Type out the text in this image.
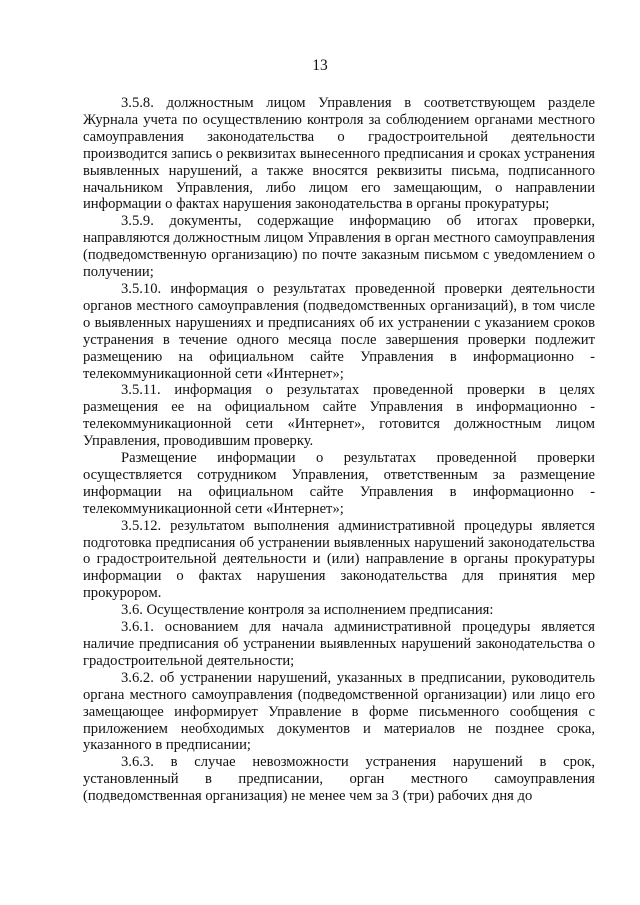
13

3.5.8. должностным лицом Управления в соответствующем разделе Журнала учета по осуществлению контроля за соблюдением органами местного самоуправления законодательства о градостроительной деятельности производится запись о реквизитах вынесенного предписания и сроках устранения выявленных нарушений, а также вносятся реквизиты письма, подписанного начальником Управления, либо лицом его замещающим, о направлении информации о фактах нарушения законодательства в органы прокуратуры;

3.5.9. документы, содержащие информацию об итогах проверки, направляются должностным лицом Управления в орган местного самоуправления (подведомственную организацию) по почте заказным письмом с уведомлением о получении;

3.5.10. информация о результатах проведенной проверки деятельности органов местного самоуправления (подведомственных организаций), в том числе о выявленных нарушениях и предписаниях об их устранении с указанием сроков устранения в течение одного месяца после завершения проверки подлежит размещению на официальном сайте Управления в информационно - телекоммуникационной сети «Интернет»;

3.5.11. информация о результатах проведенной проверки в целях размещения ее на официальном сайте Управления в информационно - телекоммуникационной сети «Интернет», готовится должностным лицом Управления, проводившим проверку.

Размещение информации о результатах проведенной проверки осуществляется сотрудником Управления, ответственным за размещение информации на официальном сайте Управления в информационно - телекоммуникационной сети «Интернет»;

3.5.12. результатом выполнения административной процедуры является подготовка предписания об устранении выявленных нарушений законодательства о градостроительной деятельности и (или) направление в органы прокуратуры информации о фактах нарушения законодательства для принятия мер прокурором.

3.6. Осуществление контроля за исполнением предписания:

3.6.1. основанием для начала административной процедуры является наличие предписания об устранении выявленных нарушений законодательства о градостроительной деятельности;

3.6.2. об устранении нарушений, указанных в предписании, руководитель органа местного самоуправления (подведомственной организации) или лицо его замещающее информирует Управление в форме письменного сообщения с приложением необходимых документов и материалов не позднее срока, указанного в предписании;

3.6.3. в случае невозможности устранения нарушений в срок, установленный в предписании, орган местного самоуправления (подведомственная организация) не менее чем за 3 (три) рабочих дня до
